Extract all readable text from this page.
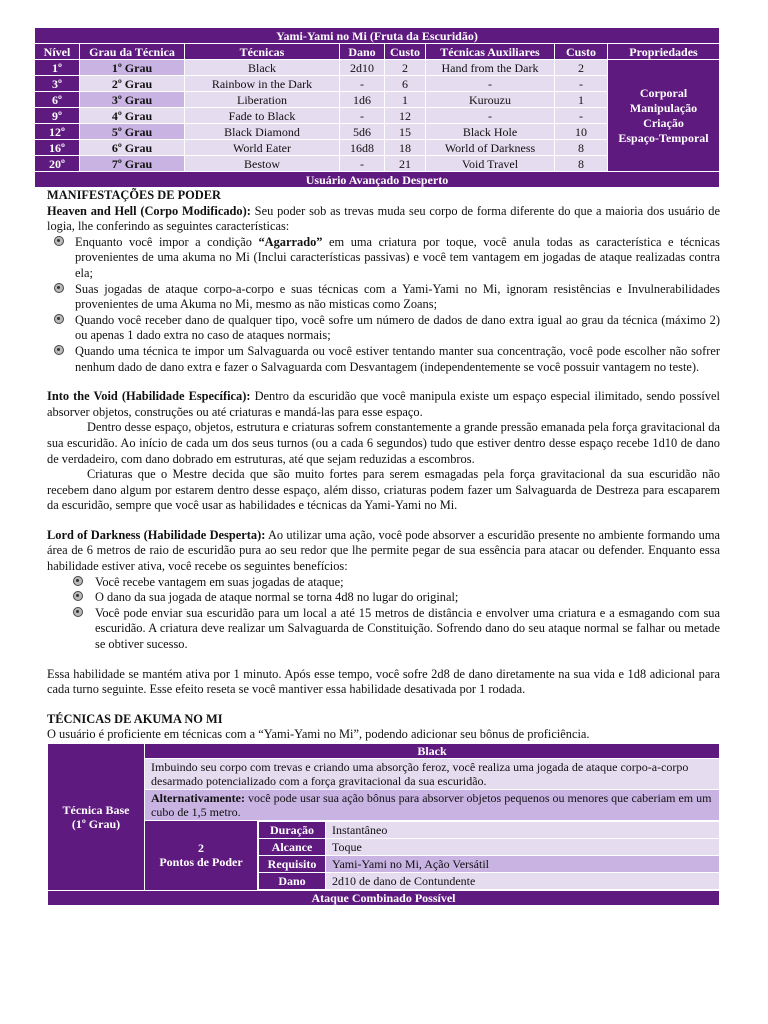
Yami-Yami no Mi (Fruta da Escuridão)							
Nível	Grau da Técnica	Técnicas	Dano	Custo	Técnicas Auxiliares	Custo	Propriedades
1º	1º Grau	Black	2d10	2	Hand from the Dark	2	Corporal
Manipulação
Criação
Espaço-Temporal

3º	2º Grau	Rainbow in the Dark	-	6	-	-	
6º	3º Grau	Liberation	1d6	1	Kurouzu	1	
9º	4º Grau	Fade to Black	-	12	-	-	
12º	5º Grau	Black Diamond	5d6	15	Black Hole	10	
16º	6º Grau	World Eater	16d8	18	World of Darkness	8	
20º	7º Grau	Bestow	-	21	Void Travel	8	
Usuário Avançado Desperto							
MANIFESTAÇÕES DE PODER

Heaven and Hell (Corpo Modificado): Seu poder sob as trevas muda seu corpo de forma diferente do que a maioria dos usuário de logia, lhe conferindo as seguintes características:

Enquanto você impor a condição “Agarrado” em uma criatura por toque, você anula todas as característica e técnicas provenientes de uma akuma no Mi (Inclui características passivas) e você tem vantagem em jogadas de ataque realizadas contra ela;
Suas jogadas de ataque corpo-a-corpo e suas técnicas com a Yami-Yami no Mi, ignoram resistências e Invulnerabilidades provenientes de uma Akuma no Mi, mesmo as não misticas como Zoans;
Quando você receber dano de qualquer tipo, você sofre um número de dados de dano extra igual ao grau da técnica (máximo 2) ou apenas 1 dado extra no caso de ataques normais;
Quando uma técnica te impor um Salvaguarda ou você estiver tentando manter sua concentração, você pode escolher não sofrer nenhum dado de dano extra e fazer o Salvaguarda com Desvantagem (independentemente se você possuir vantagem no teste).

Into the Void (Habilidade Específica): Dentro da escuridão que você manipula existe um espaço especial ilimitado, sendo possível absorver objetos, construções ou até criaturas e mandá-las para esse espaço.

Dentro desse espaço, objetos, estrutura e criaturas sofrem constantemente a grande pressão emanada pela força gravitacional da sua escuridão. Ao início de cada um dos seus turnos (ou a cada 6 segundos) tudo que estiver dentro desse espaço recebe 1d10 de dano de verdadeiro, com dano dobrado em estruturas, até que sejam reduzidas a escombros.

Criaturas que o Mestre decida que são muito fortes para serem esmagadas pela força gravitacional da sua escuridão não recebem dano algum por estarem dentro desse espaço, além disso, criaturas podem fazer um Salvaguarda de Destreza para escaparem da escuridão, sempre que você usar as habilidades e técnicas da Yami-Yami no Mi.

Lord of Darkness (Habilidade Desperta): Ao utilizar uma ação, você pode absorver a escuridão presente no ambiente formando uma área de 6 metros de raio de escuridão pura ao seu redor que lhe permite pegar de sua essência para atacar ou defender. Enquanto essa habilidade estiver ativa, você recebe os seguintes benefícios:

Você recebe vantagem em suas jogadas de ataque;
O dano da sua jogada de ataque normal se torna 4d8 no lugar do original;
Você pode enviar sua escuridão para um local a até 15 metros de distância e envolver uma criatura e a esmagando com sua escuridão. A criatura deve realizar um Salvaguarda de Constituição. Sofrendo dano do seu ataque normal se falhar ou metade se obtiver sucesso.

Essa habilidade se mantém ativa por 1 minuto. Após esse tempo, você sofre 2d8 de dano diretamente na sua vida e 1d8 adicional para cada turno seguinte. Esse efeito reseta se você mantiver essa habilidade desativada por 1 rodada.

TÉCNICAS DE AKUMA NO MI

O usuário é proficiente em técnicas com a “Yami-Yami no Mi”, podendo adicionar seu bônus de proficiência.

Técnica Base
(1º Grau)
	Black
Imbuindo seu corpo com trevas e criando uma absorção feroz, você realiza uma jogada de ataque corpo-a-corpo desarmado potencializado com a força gravitacional da sua escuridão.
Alternativamente: você pode usar sua ação bônus para absorver objetos pequenos ou menores que caberiam em um cubo de 1,5 metro.

2
Pontos de Poder

Duração	Instantâneo
Alcance	Toque
Requisito	Yami-Yami no Mi, Ação Versátil
Dano	2d10 de dano de Contundente

Ataque Combinado Possível
